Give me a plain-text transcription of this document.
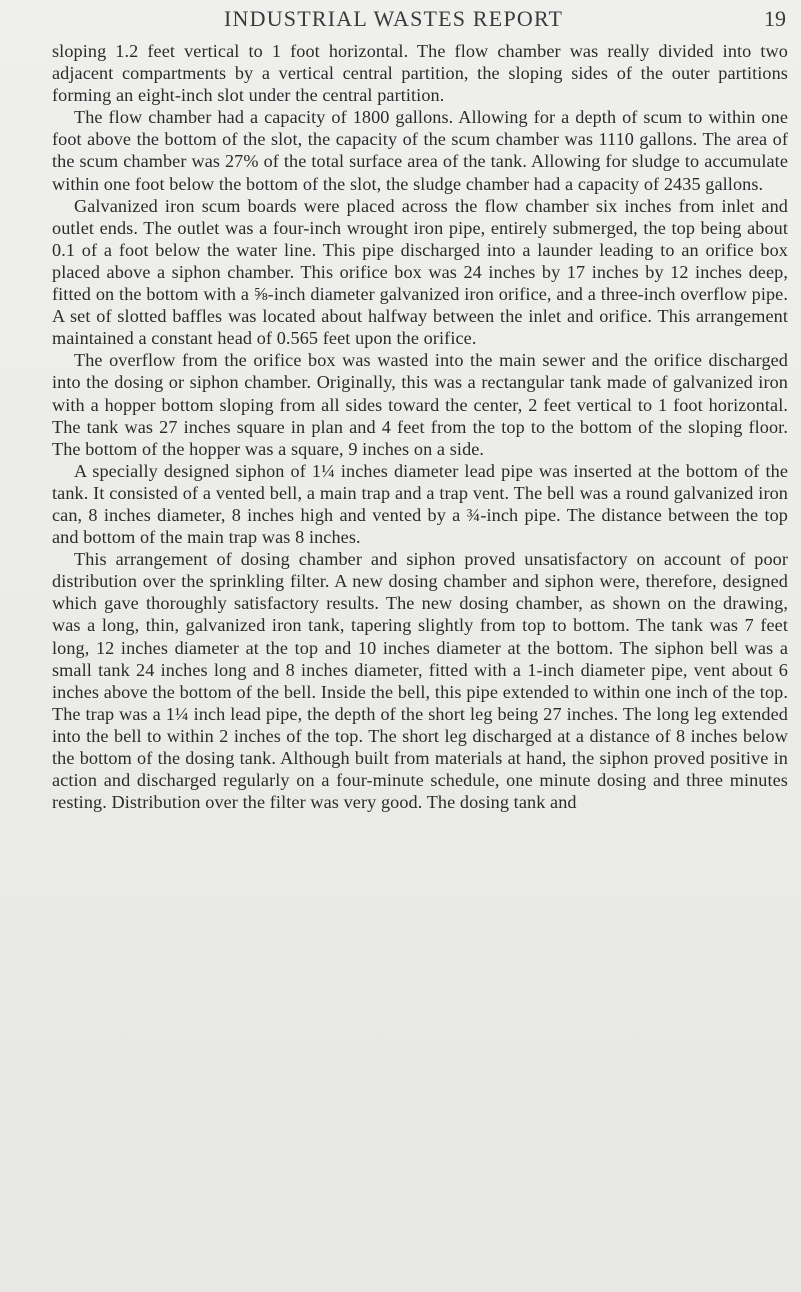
INDUSTRIAL WASTES REPORT	19

sloping 1.2 feet vertical to 1 foot horizontal. The flow chamber was really divided into two adjacent compartments by a vertical central partition, the sloping sides of the outer partitions forming an eight-inch slot under the central partition.

The flow chamber had a capacity of 1800 gallons. Allowing for a depth of scum to within one foot above the bottom of the slot, the capacity of the scum chamber was 1110 gallons. The area of the scum chamber was 27% of the total surface area of the tank. Allowing for sludge to accumulate within one foot below the bottom of the slot, the sludge chamber had a capacity of 2435 gallons.

Galvanized iron scum boards were placed across the flow chamber six inches from inlet and outlet ends. The outlet was a four-inch wrought iron pipe, entirely submerged, the top being about 0.1 of a foot below the water line. This pipe discharged into a launder leading to an orifice box placed above a siphon chamber. This orifice box was 24 inches by 17 inches by 12 inches deep, fitted on the bottom with a ⅝-inch diameter galvanized iron orifice, and a three-inch overflow pipe. A set of slotted baffles was located about halfway between the inlet and orifice. This arrangement maintained a constant head of 0.565 feet upon the orifice.

The overflow from the orifice box was wasted into the main sewer and the orifice discharged into the dosing or siphon chamber. Originally, this was a rectangular tank made of galvanized iron with a hopper bottom sloping from all sides toward the center, 2 feet vertical to 1 foot horizontal. The tank was 27 inches square in plan and 4 feet from the top to the bottom of the sloping floor. The bottom of the hopper was a square, 9 inches on a side.

A specially designed siphon of 1¼ inches diameter lead pipe was inserted at the bottom of the tank. It consisted of a vented bell, a main trap and a trap vent. The bell was a round galvanized iron can, 8 inches diameter, 8 inches high and vented by a ¾-inch pipe. The distance between the top and bottom of the main trap was 8 inches.

This arrangement of dosing chamber and siphon proved unsatisfactory on account of poor distribution over the sprinkling filter. A new dosing chamber and siphon were, therefore, designed which gave thoroughly satisfactory results. The new dosing chamber, as shown on the drawing, was a long, thin, galvanized iron tank, tapering slightly from top to bottom. The tank was 7 feet long, 12 inches diameter at the top and 10 inches diameter at the bottom. The siphon bell was a small tank 24 inches long and 8 inches diameter, fitted with a 1-inch diameter pipe, vent about 6 inches above the bottom of the bell. Inside the bell, this pipe extended to within one inch of the top. The trap was a 1¼ inch lead pipe, the depth of the short leg being 27 inches. The long leg extended into the bell to within 2 inches of the top. The short leg discharged at a distance of 8 inches below the bottom of the dosing tank. Although built from materials at hand, the siphon proved positive in action and discharged regularly on a four-minute schedule, one minute dosing and three minutes resting. Distribution over the filter was very good. The dosing tank and
